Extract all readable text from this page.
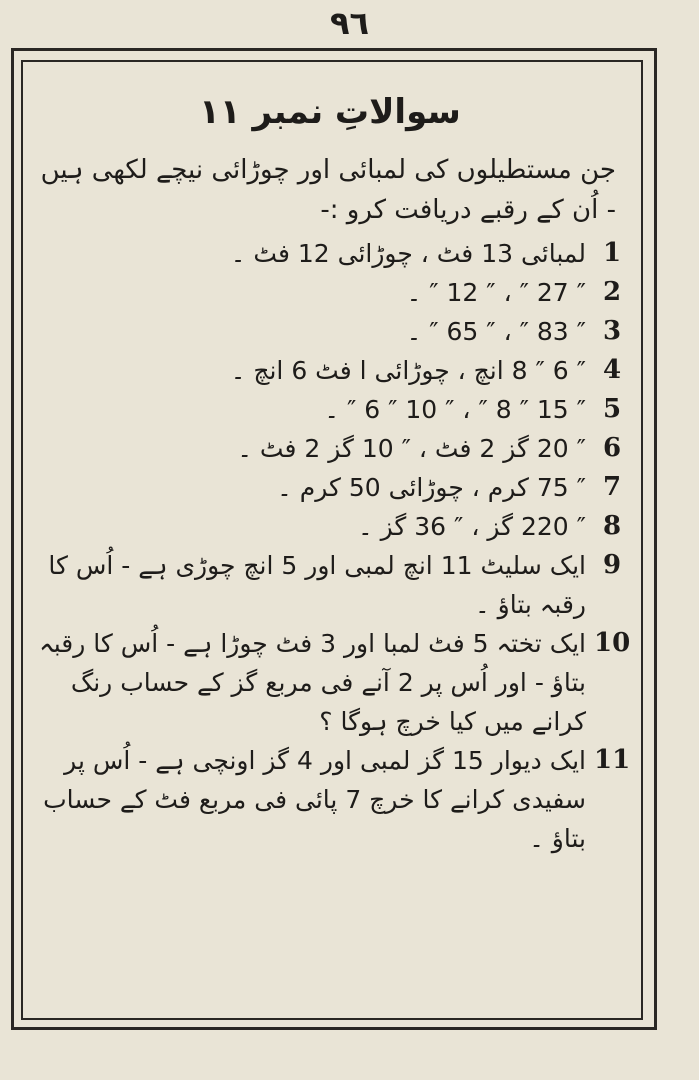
٩٦
سوالاتِ نمبر ۱۱
جن مستطیلوں کی لمبائی اور چوڑائی نیچے لکھی ہیں - اُن کے رقبے دریافت کرو :-
1
لمبائی 13 فٹ ، چوڑائی 12 فٹ ۔
2
″ 27 ″ ، ″ 12 ″ ۔
3
″ 83 ″ ، ″ 65 ″ ۔
4
″ 6 ″ 8 انچ ، چوڑائی ا فٹ 6 انچ ۔
5
″ 15 ″ 8 ″ ، ″ 10 ″ 6 ″ ۔
6
″ 20 گز 2 فٹ ، ″ 10 گز 2 فٹ ۔
7
″ 75 کرم ، چوڑائی 50 کرم ۔
8
″ 220 گز ، ″ 36 گز ۔
9
ایک سلیٹ 11 انچ لمبی اور 5 انچ چوڑی ہے - اُس کا رقبہ بتاؤ ۔
10
ایک تختہ 5 فٹ لمبا اور 3 فٹ چوڑا ہے - اُس کا رقبہ بتاؤ - اور اُس پر 2 آنے فی مربع گز کے حساب رنگ کرانے میں کیا خرچ ہوگا ؟
11
ایک دیوار 15 گز لمبی اور 4 گز اونچی ہے - اُس پر سفیدی کرانے کا خرچ 7 پائی فی مربع فٹ کے حساب بتاؤ ۔
